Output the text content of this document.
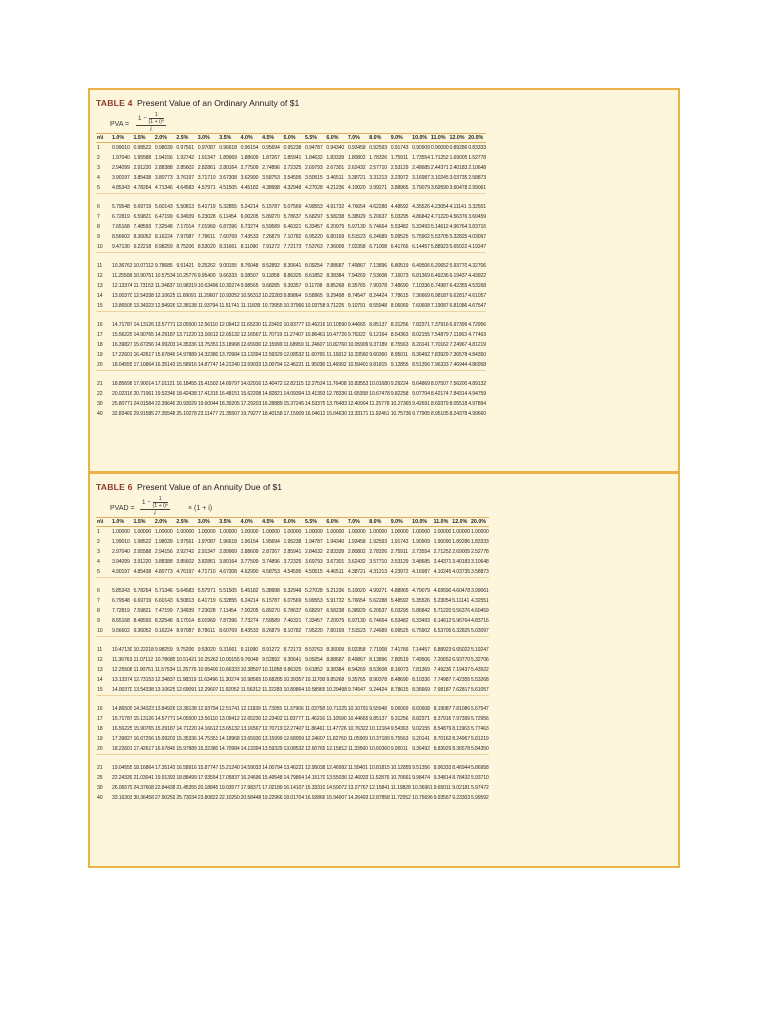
TABLE 4 Present Value of an Ordinary Annuity of $1
PVA = $\frac{1 - \frac{1}{\text{(1 + i)ⁿ}}}{i}$
n\i	1.0%	1.5%	2.0%	2.5%	3.0%	3.5%	4.0%	4.5%	5.0%	5.5%	6.0%	7.0%	8.0%	9.0%	10.0%	11.0%	12.0%	20.0%
1	0.99010	0.98522	0.98039	0.97561	0.97087	0.96618	0.96154	0.95694	0.95238	0.94787	0.94340	0.93458	0.92593	0.91743	0.90909	0.90090	0.89286	0.83333
2	1.97040	1.95588	1.94156	1.92742	1.91347	1.89969	1.88609	1.87267	1.85941	1.84632	1.83339	1.80802	1.78326	1.75911	1.73554	1.71252	1.69005	1.52778
3	2.94099	2.91220	2.88388	2.85602	2.82861	2.80164	2.77509	2.74896	2.72325	2.69793	2.67301	2.62432	2.57710	2.53129	2.48685	2.44371	2.40183	2.10648
4	3.90197	3.85438	3.80773	3.76197	3.71710	3.67308	3.62990	3.58753	3.54595	3.50515	3.46511	3.38721	3.31213	3.23972	3.16987	3.10245	3.03735	2.58873
5	4.85343	4.78264	4.71346	4.64583	4.57971	4.51505	4.45182	4.38998	4.32948	4.27028	4.21236	4.10020	3.99271	3.88965	3.79079	3.69590	3.60478	2.99061

6	5.79548	5.69719	5.60143	5.50813	5.41719	5.32855	5.24214	5.15787	5.07569	4.99553	4.91732	4.76654	4.62288	4.48592	4.35526	4.23054	4.11141	3.32551
7	6.72819	6.59821	6.47199	6.34939	6.23028	6.11454	6.00205	5.89270	5.78637	5.68297	5.58238	5.38929	5.20637	5.03295	4.86842	4.71220	4.56376	3.60459
8	7.65168	7.48593	7.32548	7.17014	7.01969	6.87396	6.73274	6.59589	6.46321	6.33457	6.20979	5.97130	5.74664	5.53482	5.33493	5.14612	4.96764	3.83716
9	8.56602	8.36052	8.16224	7.97087	7.78611	7.60769	7.43533	7.26879	7.10782	6.95220	6.80169	6.51523	6.24689	5.99525	5.75902	5.53705	5.32825	4.03097
10	9.47130	9.22218	8.98259	8.75206	8.53020	8.31661	8.11090	7.91272	7.72173	7.53763	7.36009	7.02358	6.71008	6.41766	6.14457	5.88923	5.65022	4.19247

11	10.36763	10.07112	9.78685	9.51421	9.25262	9.00155	8.76048	8.52892	8.30641	8.09254	7.88687	7.49867	7.13896	6.80519	6.49506	6.20652	5.93770	4.32706
12	11.25508	10.90751	10.57534	10.25776	9.95400	9.66333	9.38507	9.11858	8.86325	8.61852	8.38384	7.94269	7.53608	7.16073	6.81369	6.49236	6.19437	4.43922
13	12.13374	11.73153	11.34837	10.98319	10.63496	10.30274	9.98565	9.68285	9.39357	9.11708	8.85268	8.35765	7.90378	7.48690	7.10336	6.74987	6.42355	4.53268
14	13.00370	12.54338	12.10625	11.69091	11.29607	10.92052	10.56312	10.22283	9.89864	9.58965	9.29498	8.74547	8.24424	7.78615	7.36669	6.98187	6.62817	4.61057
15	13.86505	13.34323	12.84926	12.38138	11.93794	11.51741	11.11839	10.73955	10.37966	10.03758	9.71225	9.10791	8.55948	8.06069	7.60608	7.19087	6.81086	4.67547

16	14.71787	14.13126	13.57771	13.05500	12.56110	12.09412	11.65230	11.23402	10.83777	10.46216	10.10590	9.44665	8.85137	8.31256	7.82371	7.37916	6.97399	4.72956
17	15.56225	14.90765	14.29187	13.71220	13.16612	12.65132	12.16567	11.70719	11.27407	10.86461	10.47726	9.76322	9.12164	8.54363	8.02155	7.54879	7.11963	4.77463
18	16.39827	15.67256	14.99203	14.35336	13.75351	13.18968	12.65930	12.15999	11.68959	11.24607	10.82760	10.05909	9.37189	8.75563	8.20141	7.70162	7.24967	4.81219
19	17.22601	16.42617	15.67846	14.97889	14.32380	13.70984	13.13394	12.59329	12.08532	11.60765	11.15812	10.33560	9.60360	8.95011	8.36492	7.83929	7.36578	4.84350
20	18.04555	17.16864	16.35143	15.58916	14.87747	14.21240	13.59033	13.00794	12.46221	11.95038	11.46992	10.59401	9.81815	9.12855	8.51356	7.96333	7.46944	4.86958

21	18.85698	17.90014	17.01121	16.18455	15.41502	14.69797	14.02916	13.40472	12.82115	12.27524	11.76408	10.83553	10.01680	9.29224	8.64869	8.07507	7.56200	4.89132
22	20.02316	20.71961	19.52346	18.42438	17.41315	16.48151	15.62208	14.82821	14.09394	13.41393	12.78336	11.65358	10.67478	9.82258	9.07704	8.42174	7.84314	4.94759
30	25.80771	24.01584	22.39646	20.93029	19.60044	18.39205	17.29203	16.28889	15.37245	14.53375	13.76483	12.40904	11.25778	10.27365	9.42691	8.69379	8.05518	4.97894
40	32.83469	29.91585	27.35548	25.10278	23.11477	21.35507	19.79277	18.40158	17.15909	16.04612	15.04630	13.33171	11.92461	10.75736	9.77905	8.95105	8.24378	4.99660
TABLE 6 Present Value of an Annuity Due of $1
PVAD = $\frac{1 - \frac{1}{\text{(1 + i)ⁿ}}}{i}$	× (1 + i)
n\i	1.0%	1.5%	2.0%	2.5%	3.0%	3.5%	4.0%	4.5%	5.0%	5.5%	6.0%	7.0%	8.0%	9.0%	10.0%	11.0%	12.0%	20.0%
1	1.00000	1.00000	1.00000	1.00000	1.00000	1.00000	1.00000	1.00000	1.00000	1.00000	1.00000	1.00000	1.00000	1.00000	1.00000	1.00000	1.00000	1.00000
2	1.99010	1.98522	1.98039	1.97561	1.97087	1.96618	1.96154	1.95694	1.95238	1.94787	1.94340	1.93458	1.92593	1.91743	1.90909	1.90090	1.89286	1.83333
3	2.97040	2.95588	2.94156	2.92742	2.91347	2.89969	2.88609	2.87267	2.85941	2.84632	2.83339	2.80802	2.78326	2.75911	2.73554	2.71252	2.69005	2.52778
4	3.94099	3.91220	3.88388	3.85602	3.82861	3.80164	3.77509	3.74896	3.72325	3.69793	3.67301	3.62432	3.57710	3.53129	3.48685	3.44371	3.40183	3.10648
5	4.90197	4.85438	4.80773	4.76197	4.71710	4.67308	4.62990	4.58753	4.54595	4.50515	4.46511	4.38721	4.31213	4.23972	4.16987	4.10245	4.03735	3.58873

6	5.85343	5.78264	5.71346	5.64583	5.57971	5.51505	5.45182	5.38998	5.32948	5.27028	5.21236	5.10020	4.99271	4.88965	4.79079	4.69590	4.60478	3.99061
7	6.79548	6.69719	6.60143	6.50813	6.41719	6.32855	6.24214	6.15787	6.07569	5.99553	5.91732	5.76654	5.62288	5.48592	5.35526	5.23054	5.11141	4.32551
8	7.72819	7.59821	7.47199	7.34939	7.23028	7.11454	7.00205	6.89270	6.78637	6.68297	6.58238	6.38929	6.20637	6.03295	5.86842	5.71220	5.56376	4.60459
9	8.65168	8.48593	8.32548	8.17014	8.01969	7.87396	7.73274	7.59589	7.46321	7.33457	7.20979	6.97130	6.74664	6.53482	6.33493	6.14612	5.96764	4.83716
10	9.56602	9.36052	9.16224	8.97087	8.78611	8.60769	8.43533	8.26879	8.10782	7.95220	7.80169	7.51523	7.24689	6.99525	6.75902	6.53705	6.32825	5.03097

11	10.47130	10.22218	9.98259	9.75206	9.53020	9.31661	9.11090	8.91272	8.72173	8.53763	8.36009	8.02358	7.71008	7.41766	7.14457	6.88923	6.65022	5.19247
12	11.36763	11.07112	10.78685	10.51421	10.25262	10.00155	9.76048	9.52892	9.30641	9.09254	8.88687	8.49867	8.13896	7.80519	7.49506	7.20652	6.93770	5.32706
13	12.25508	11.90751	11.57534	11.25776	10.95400	10.66333	10.38507	10.11858	9.86325	9.61852	9.38384	8.94269	8.53608	8.16073	7.81369	7.49236	7.19437	5.43922
14	13.13374	12.73153	12.34837	11.98319	11.63496	11.30274	10.98565	10.68285	10.39357	10.11708	9.85268	9.35765	8.90378	8.48690	8.10336	7.74987	7.42355	5.53268
15	14.00370	13.54338	13.10625	12.69091	12.29607	11.92052	11.56312	11.22283	10.89864	10.58965	10.29498	9.74547	9.24424	8.78615	8.36669	7.98187	7.62817	5.61057

16	14.86505	14.34323	13.84926	13.38138	12.93794	12.51741	12.11839	11.73955	11.37966	11.03758	10.71225	10.10791	9.55948	9.06069	8.60608	8.19087	7.81086	5.67547
17	15.71787	15.13126	14.57771	14.05500	13.56110	13.09412	12.65230	12.23402	11.83777	11.46216	11.10590	10.44665	9.85137	9.31256	8.82371	8.37916	7.97399	5.72956
18	16.56225	15.90765	15.29187	14.71220	14.16612	13.65132	13.16567	12.70719	12.27407	11.86461	11.47726	10.76322	10.12164	9.54363	9.02155	8.54879	8.11963	5.77463
19	17.39827	16.67256	15.99203	15.35336	14.75351	14.18968	13.65930	13.15999	12.68959	12.24607	11.82760	11.05909	10.37189	9.75563	9.20141	8.70162	8.24967	5.81219
20	18.22601	17.42617	16.67846	15.97889	15.32380	14.70984	14.13394	13.59329	13.08532	12.60765	12.15812	11.33560	10.60360	9.95011	9.36492	8.83929	8.36578	5.84350

21	19.04555	18.16864	17.35143	16.58916	15.87747	15.21240	14.59033	14.00794	13.46221	12.95038	12.46992	11.59401	10.81815	10.12855	9.51356	8.96333	8.46944	5.86958
25	22.24339	21.03041	19.91393	18.88499	17.93554	17.05837	16.24696	15.49548	14.79864	14.15170	13.55036	12.46933	11.52876	10.70661	9.98474	9.34814	8.78432	5.93710
30	26.06579	24.37608	22.84438	21.45355	20.18845	19.03577	17.98371	17.02189	16.14107	15.33310	14.59072	13.27767	12.15841	11.19828	10.36961	9.65011	9.02181	5.97472
40	33.16303	30.36458	27.90259	25.73034	23.80822	22.10250	20.58448	19.22966	18.01704	16.92866	15.94907	14.26493	12.87858	11.72552	10.75696	9.93567	9.23303	5.99592
